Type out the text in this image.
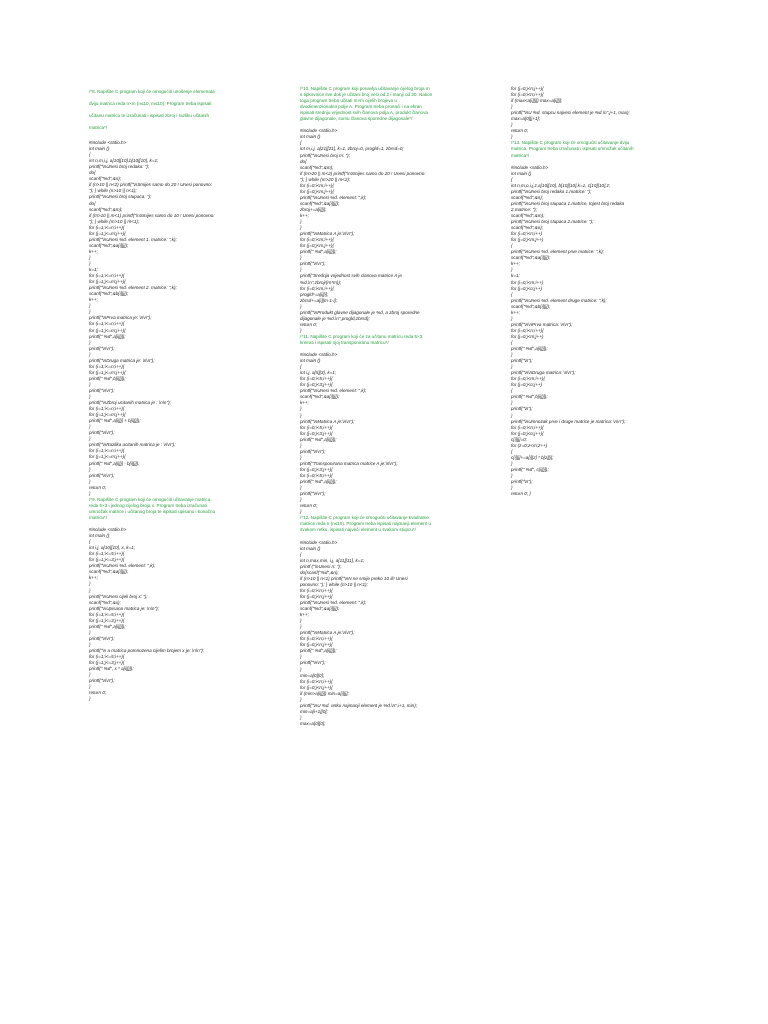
/*8. Napišite C program koji će omogućiti unošenje elemenata
dviju matrica reda n×m (n≤10, m≤10). Program treba ispisati
učitanu matricu te izračunati i ispisati zbroj i razliku učitanih
matrica*/
#include <stdio.h>
int main ()
{
int n,m,i,j, a[10][10],b[10][10], k=1;
printf("\nUnesi broj redaka: ");
do{
scanf("%d",&n);
if (n>10 || n<2) printf("\nSmijes samo do 20 ! Unesi ponovno:
"); } while (n>10 || n<1);
printf("\nUnesi broj stupaca: ");
do{
scanf("%d",&m);
if (m>10 || m<1) printf("\nSmijes samo do 10 ! Unesi ponovno:
"); } while (m>10 || m<1);
for (i=1;i<=n;i++){
for (j=1;j<=m;j++){
printf("\nUnesi %d. element 1. matrice: ",k);
scanf("%d",&a[i][j]);
k++;
}
}
k=1;
for (i=1;i<=n;i++){
for (j=1;j<=m;j++){
printf("\nUnesi %d. element 2. matrice: ",k);
scanf("%d",&b[i][j]);
k++;
}
}
printf("\nPrva matrica je: \n\n");
for (i=1;i<=n;i++){
for (j=1;j<=m;j++){
printf(" %d",a[i][j]);
}
printf("\n\n");
}
printf("\nDruga matrica je: \n\n");
for (i=1;i<=n;i++){
for (j=1;j<=m;j++){
printf(" %d",b[i][j]);
}
printf("\n\n");
}
printf("\nZbroj ucitanih matrica je : \n\n");
for (i=1;i<=n;i++){
for (j=1;j<=m;j++){
printf(" %d",a[i][j] + b[i][j]);
}
printf("\n\n");
}
printf("\nRazlika ucitanih matrica je : \n\n");
for (i=1;i<=n;i++){
for (j=1;j<=m;j++){
printf(" %d",a[i][j] - b[i][j]);
}
printf("\n\n");
}
return 0;
}
/*9. Napišite C program koji će omogućiti učitavanje matrica
reda 5×3 i jednog cijelog broja x. Program treba izračunati
umnožak matrice i učitanog broja te ispisati upisanu i konačnu
matricu*/
#include <stdio.h>
int main ()
{
int i,j, a[10][10], x, k=1;
for (i=1;i<=5;i++){
for (j=1;j<=3;j++){
printf("\nUnesi %d. element: ",k);
scanf("%d",&a[i][j]);
k++;
}
}
printf("\nUnesi cijeli broj x: ");
scanf("%d",&x);
printf("\nUpisana matrica je: \n\n");
for (i=1;i<=5;i++){
for (j=1;j<=3;j++){
printf(" %d",a[i][j]);
}
printf("\n\n");
}
printf("\n a matrica pomnozena cijelim brojem x je: \n\n");
for (i=1;i<=5;i++){
for (j=1;j<=3;j++){
printf(" %d", x * a[i][j]);
}
printf("\n\n");
}
return 0;
}
/*10. Napišite C program koji ponavlja učitavanje cijelog broja m
s tipkovnice sve dok je učitani broj veći od 2 i manji od 20. Nakon
toga program treba učitati m×m cijelih brojeva u
dvodimenzionalno polje A. Program treba pronaći i na ekran
ispisati srednju vrijednost svih članova polja A, produkt članova
glavne dijagonale, sumu članova sporedne dijagonale*/
#include <stdio.h>
int main ()
{
int m,i,j, a[21][21], k=1, zbroj=0, progld=1, zbrsd=0;
printf("\nUnesi broj m: ");
do{
scanf("%d",&m);
if (m>20 || m<2) printf("\nSmijes samo do 20 ! Unesi ponovno:
"); } while (m>20 || m<2);
for (i=0;i<m;i++){
for (j=0;j<m;j++){
printf("\nUnesi %d. element: ",k);
scanf("%d",&a[i][j]);
zbroj+=a[i][j];
k++;
}
}
printf("\nMatrica A je:\n\n");
for (i=0;i<m;i++){
for (j=0;j<m;j++){
printf(" %d",a[i][j]);
}
printf("\n\n");
}
printf("Srednja vrijednost svih clanova matrice A je
%d.\n",zbroj/(m*m));
for (i=0;i<m;i++){
progld*=a[i][i];
zbrsd+=a[i][m-1-i];
}
printf("\nProdukt glavne dijagonale je %d, a zbroj sporedne
dijagonale je %d.\n",progld,zbrsd);
return 0;
}
/*11. Napišite C program koji će za učitanu matricu reda 5×3
kreirati i ispisati njoj transponiranu matricu*/
#include <stdio.h>
int main ()
{
int i,j, a[5][3], k=1;
for (i=0;i<5;i++){
for (j=0;j<3;j++){
printf("\nUnesi %d. element: ",k);
scanf("%d",&a[i][j]);
k++;
}
}
printf("\nMatrica A je:\n\n");
for (i=0;i<5;i++){
for (j=0;j<3;j++){
printf(" %d",a[i][j]);
}
printf("\n\n");
}
printf("Transponirana matrica matrice A je:\n\n");
for (j=0;j<3;j++){
for (i=0;i<5;i++){
printf(" %d",a[i][j]);
}
printf("\n\n");
}
return 0;
}
/*12. Napišite C program koji će omogućiti učitavanje kvadratne
matrice reda n (n≤10). Program treba ispisati najmanji element u
svakom retku, ispisati najveći element u svakom stupcu*/
#include <stdio.h>
int main ()
{
int n,max,min, i,j, a[11][11], k=1;
printf ("\nUnesi n: ");
do{scanf("%d",&n);
if (n>10 || n<1) printf("\nN ne smije preko 10 ili! Unesi
ponovno: "); } while (n>10 || n<1);
for (i=0;i<n;i++){
for (j=0;j<n;j++){
printf("\nUnesi %d. element: ",k);
scanf("%d",&a[i][j]);
k++;
}
}
printf("\nMatrica A je:\n\n");
for (i=0;i<n;i++){
for (j=0;j<n;j++){
printf(" %d",a[i][j]);
}
printf("\n\n");
}
min=a[0][0];
for (i=0;i<n;i++){
for (j=0;j<n;j++){
if (min>a[i][j]) min=a[i][j];
}
printf("\nU %d. retku najmanji element je %d.\n",i+1, min);
min=a[i+1][0];
}
max=a[0][0];
for (j=0;j<n;j++){
for (i=0;i<n;i++){
if (max<a[i][j]) max=a[i][j];
}
printf("\nU %d. stupcu najveci element je %d.\n",j+1, max);
max=a[0][j+1];
}
return 0;
}
/*13. Napišite C program koji će omogućiti učitavanje dviju
matrica. Program treba izračunati i ispisati umnožak učitanih
matrica*/
#include <stdio.h>
int main ()
{
int n,m,o,i,j,z,a[10][10], b[10][10],k=1, c[10][10],z;
printf("\nUnesi broj redaka 1.matrice: ");
scanf("%d",&n);
printf("\nUnesi broj stupaca 1.matrice, tojest broj redaka
2.matrice: ");
scanf("%d",&m);
printf("\nUnesi broj stupaca 2.matrice: ");
scanf("%d",&o);
for (i=0;i<n;i++)
for (j=0;j<m;j++)
{
printf("\nUnesi %d. element prve matrice: ",k);
scanf("%d",&a[i][j]);
k++;
}
k=1;
for (i=0;i<m;i++)
for (j=0;j<o;j++)
{
printf("\nUnesi %d. element druge matrice: ",k);
scanf("%d",&b[i][j]);
k++;
}
printf("\n\nPrva matrica: \n\n");
for (i=0;i<n;i++){
for (j=0;j<m;j++)
{
printf(" %d",a[i][j]);
}
printf("\n");
}
printf("\n\nDruga matrica: \n\n");
for (i=0;i<m;i++){
for (j=0;j<o;j++)
{
printf(" %d",b[i][j]);
}
printf("\n");
}
printf("\nUmnozak prve i druge matrice je matrica: \n\n");
for (i=0;i<n;i++){
for (j=0;j<o;j++){
c[i][j]=0;
for (z=0;z<m;z++)
{
c[i][j]+=a[i][z] * b[z][j];
}
printf(" %d", c[i][j]);
}
printf("\n");
}
return 0; }
